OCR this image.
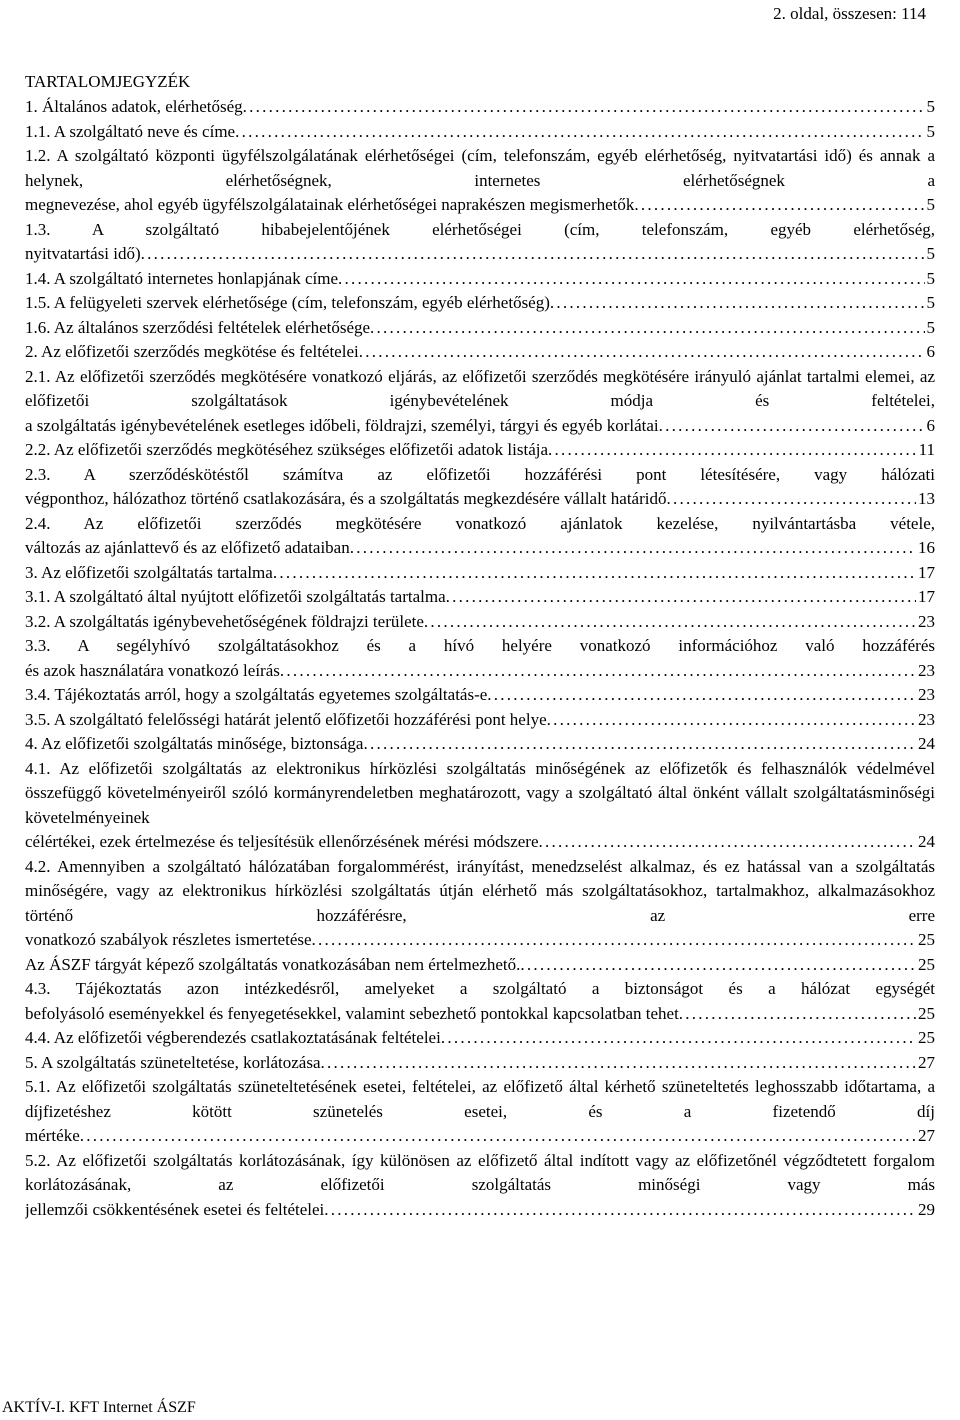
2. oldal, összesen: 114
TARTALOMJEGYZÉK
1. Általános adatok, elérhetőség . . .	5
1.1. A szolgáltató neve és címe . . .	5
1.2. A szolgáltató központi ügyfélszolgálatának elérhetőségei (cím, telefonszám, egyéb elérhetőség, nyitvatartási idő) és annak a helynek, elérhetőségnek, internetes elérhetőségnek a
megnevezése, ahol egyéb ügyfélszolgálatainak elérhetőségei naprakészen megismerhetők . . .	5
1.3. A szolgáltató hibabejelentőjének elérhetőségei (cím, telefonszám, egyéb elérhetőség,
nyitvatartási idő) . . .	5
1.4. A szolgáltató internetes honlapjának címe . . .	5
1.5. A felügyeleti szervek elérhetősége (cím, telefonszám, egyéb elérhetőség) . . .	5
1.6. Az általános szerződési feltételek elérhetősége . . .	5
2. Az előfizetői szerződés megkötése és feltételei . . .	6
2.1. Az előfizetői szerződés megkötésére vonatkozó eljárás, az előfizetői szerződés megkötésére irányuló ajánlat tartalmi elemei, az előfizetői szolgáltatások igénybevételének módja és feltételei,
a szolgáltatás igénybevételének esetleges időbeli, földrajzi, személyi, tárgyi és egyéb korlátai . . .	6
2.2. Az előfizetői szerződés megkötéséhez szükséges előfizetői adatok listája . . .	11
2.3. A szerződéskötéstől számítva az előfizetői hozzáférési pont létesítésére, vagy hálózati
végponthoz, hálózathoz történő csatlakozására, és a szolgáltatás megkezdésére vállalt határidő . . .	13
2.4. Az előfizetői szerződés megkötésére vonatkozó ajánlatok kezelése, nyilvántartásba vétele,
változás az ajánlattevő és az előfizető adataiban . . .	16
3. Az előfizetői szolgáltatás tartalma . . .	17
3.1. A szolgáltató által nyújtott előfizetői szolgáltatás tartalma . . .	17
3.2. A szolgáltatás igénybevehetőségének földrajzi területe . . .	23
3.3. A segélyhívó szolgáltatásokhoz és a hívó helyére vonatkozó információhoz való hozzáférés
és azok használatára vonatkozó leírás . . .	23
3.4. Tájékoztatás arról, hogy a szolgáltatás egyetemes szolgáltatás-e . . .	23
3.5. A szolgáltató felelősségi határát jelentő előfizetői hozzáférési pont helye . . .	23
4. Az előfizetői szolgáltatás minősége, biztonsága . . .	24
4.1. Az előfizetői szolgáltatás az elektronikus hírközlési szolgáltatás minőségének az előfizetők és felhasználók védelmével összefüggő követelményeiről szóló kormányrendeletben meghatározott, vagy a szolgáltató által önként vállalt szolgáltatásminőségi követelményeinek
célértékei, ezek értelmezése és teljesítésük ellenőrzésének mérési módszere . . .	24
4.2. Amennyiben a szolgáltató hálózatában forgalommérést, irányítást, menedzselést alkalmaz, és ez hatással van a szolgáltatás minőségére, vagy az elektronikus hírközlési szolgáltatás útján elérhető más szolgáltatásokhoz, tartalmakhoz, alkalmazásokhoz történő hozzáférésre, az erre
vonatkozó szabályok részletes ismertetése . . .	25
Az ÁSZF tárgyát képező szolgáltatás vonatkozásában nem értelmezhető. . . .	25
4.3. Tájékoztatás azon intézkedésről, amelyeket a szolgáltató a biztonságot és a hálózat egységét
befolyásoló eseményekkel és fenyegetésekkel, valamint sebezhető pontokkal kapcsolatban tehet . . .	25
4.4. Az előfizetői végberendezés csatlakoztatásának feltételei . . .	25
5. A szolgáltatás szüneteltetése, korlátozása . . .	27
5.1. Az előfizetői szolgáltatás szüneteltetésének esetei, feltételei, az előfizető által kérhető szüneteltetés leghosszabb időtartama, a díjfizetéshez kötött szünetelés esetei, és a fizetendő díj
mértéke . . .	27
5.2. Az előfizetői szolgáltatás korlátozásának, így különösen az előfizető által indított vagy az előfizetőnél végződtetett forgalom korlátozásának, az előfizetői szolgáltatás minőségi vagy más
jellemzői csökkentésének esetei és feltételei . . .	29
AKTÍV-I. KFT Internet ÁSZF
